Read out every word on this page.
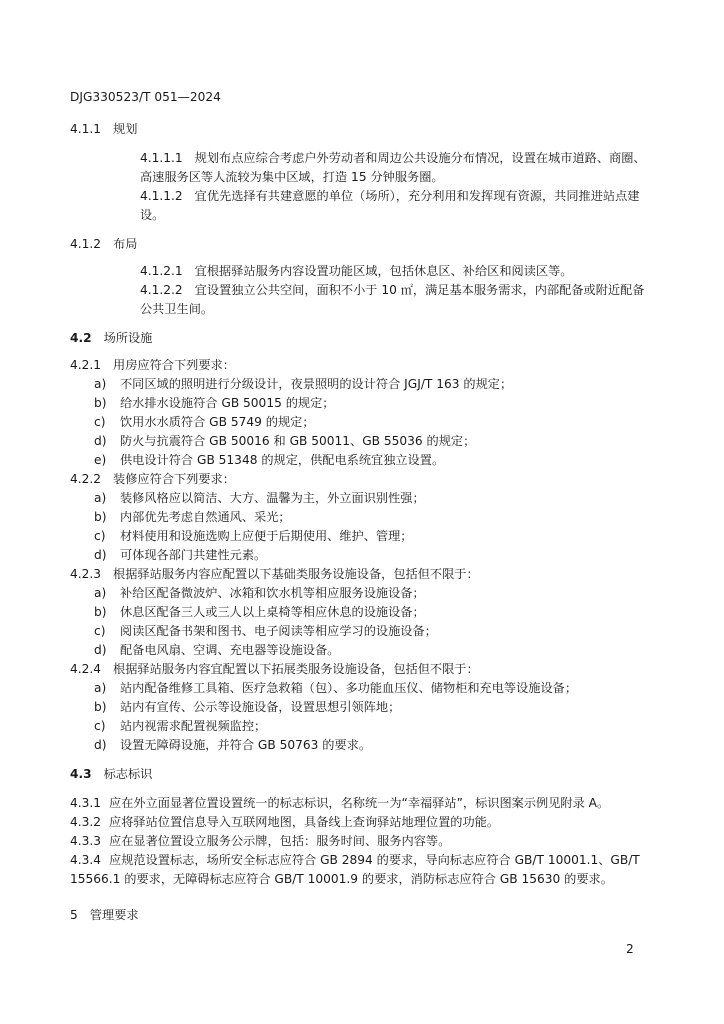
DJG330523/T 051—2024
4.1.1 规划
4.1.1.1 规划布点应综合考虑户外劳动者和周边公共设施分布情况，设置在城市道路、商圈、
高速服务区等人流较为集中区域，打造 15 分钟服务圈。
4.1.1.2 宜优先选择有共建意愿的单位（场所），充分利用和发挥现有资源，共同推进站点建
设。
4.1.2 布局
4.1.2.1 宜根据驿站服务内容设置功能区域，包括休息区、补给区和阅读区等。
4.1.2.2 宜设置独立公共空间，面积不小于 10 ㎡，满足基本服务需求，内部配备或附近配备
公共卫生间。
4.2 场所设施
4.2.1 用房应符合下列要求：
a) 不同区域的照明进行分级设计，夜景照明的设计符合 JGJ/T 163 的规定；
b) 给水排水设施符合 GB 50015 的规定；
c) 饮用水水质符合 GB 5749 的规定；
d) 防火与抗震符合 GB 50016 和 GB 50011、GB 55036 的规定；
e) 供电设计符合 GB 51348 的规定，供配电系统宜独立设置。
4.2.2 装修应符合下列要求：
a) 装修风格应以简洁、大方、温馨为主，外立面识别性强；
b) 内部优先考虑自然通风、采光；
c) 材料使用和设施选购上应便于后期使用、维护、管理；
d) 可体现各部门共建性元素。
4.2.3 根据驿站服务内容应配置以下基础类服务设施设备，包括但不限于：
a) 补给区配备微波炉、冰箱和饮水机等相应服务设施设备；
b) 休息区配备三人或三人以上桌椅等相应休息的设施设备；
c) 阅读区配备书架和图书、电子阅读等相应学习的设施设备；
d) 配备电风扇、空调、充电器等设施设备。
4.2.4 根据驿站服务内容宜配置以下拓展类服务设施设备，包括但不限于：
a) 站内配备维修工具箱、医疗急救箱（包）、多功能血压仪、储物柜和充电等设施设备；
b) 站内有宣传、公示等设施设备，设置思想引领阵地；
c) 站内视需求配置视频监控；
d) 设置无障碍设施，并符合 GB 50763 的要求。
4.3 标志标识
4.3.1 应在外立面显著位置设置统一的标志标识，名称统一为“幸福驿站”，标识图案示例见附录 A。
4.3.2 应将驿站位置信息导入互联网地图，具备线上查询驿站地理位置的功能。
4.3.3 应在显著位置设立服务公示牌，包括：服务时间、服务内容等。
4.3.4 应规范设置标志，场所安全标志应符合 GB 2894 的要求，导向标志应符合 GB/T 10001.1、GB/T
15566.1 的要求，无障碍标志应符合 GB/T 10001.9 的要求，消防标志应符合 GB 15630 的要求。
5 管理要求
2
